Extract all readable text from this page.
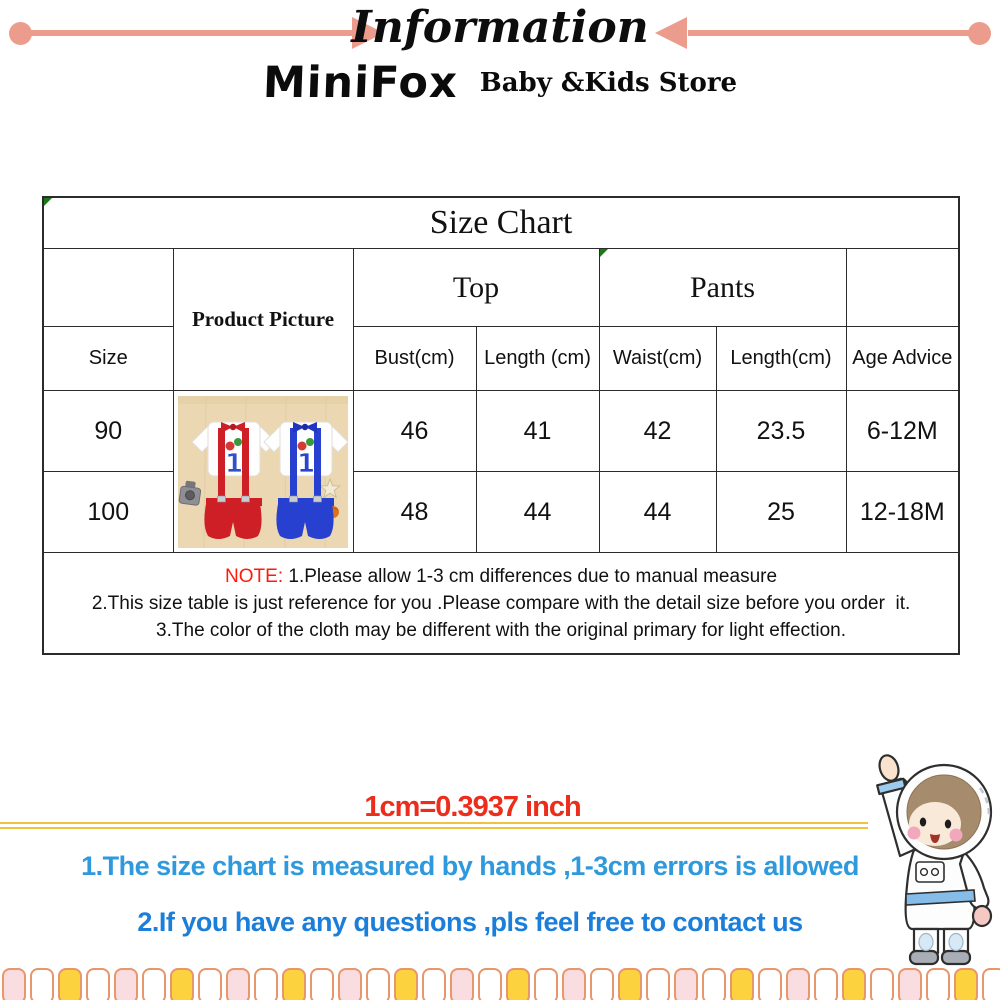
Information
MiniFox Baby &Kids Store
Size Chart						
	Product Picture	Top		Pants		
Size		Bust(cm)	Length (cm)	Waist(cm)	Length(cm)	Age Advice
90	1 1	46	41	42	23.5	6-12M
100		48	44	44	25	12-18M

NOTE: 1.Please allow 1-3 cm differences due to manual measure
2.This size table is just reference for you .Please compare with the detail size before you order  it.
3.The color of the cloth may be different with the original primary for light effection.						
1cm=0.3937 inch
1.The size chart is measured by hands ,1-3cm errors is allowed
2.If you have any questions ,pls feel free to contact us
»
»
»
»
»
»
»
»
»
